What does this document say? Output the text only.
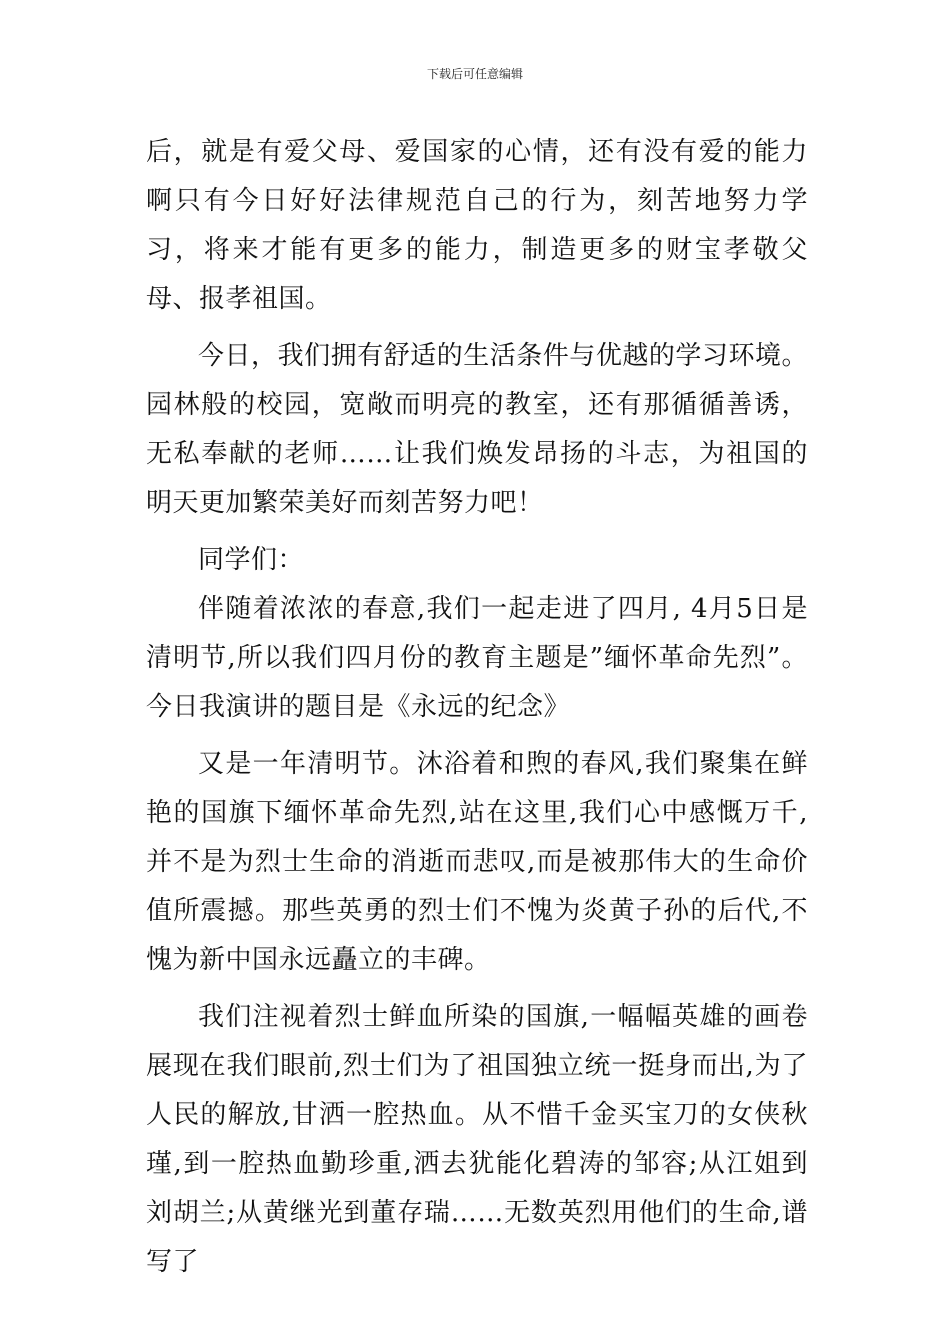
下载后可任意编辑

后，就是有爱父母、爱国家的心情，还有没有爱的能力啊只有今日好好法律规范自己的行为，刻苦地努力学习，将来才能有更多的能力，制造更多的财宝孝敬父母、报孝祖国。

今日，我们拥有舒适的生活条件与优越的学习环境。园林般的校园，宽敞而明亮的教室，还有那循循善诱，无私奉献的老师……让我们焕发昂扬的斗志，为祖国的明天更加繁荣美好而刻苦努力吧！

同学们：

伴随着浓浓的春意,我们一起走进了四月, 4月5日是清明节,所以我们四月份的教育主题是”缅怀革命先烈”。今日我演讲的题目是《永远的纪念》

又是一年清明节。沐浴着和煦的春风,我们聚集在鲜艳的国旗下缅怀革命先烈,站在这里,我们心中感慨万千,并不是为烈士生命的消逝而悲叹,而是被那伟大的生命价值所震撼。那些英勇的烈士们不愧为炎黄子孙的后代,不愧为新中国永远矗立的丰碑。

我们注视着烈士鲜血所染的国旗,一幅幅英雄的画卷展现在我们眼前,烈士们为了祖国独立统一挺身而出,为了人民的解放,甘洒一腔热血。从不惜千金买宝刀的女侠秋瑾,到一腔热血勤珍重,洒去犹能化碧涛的邹容;从江姐到刘胡兰;从黄继光到董存瑞……无数英烈用他们的生命,谱写了
